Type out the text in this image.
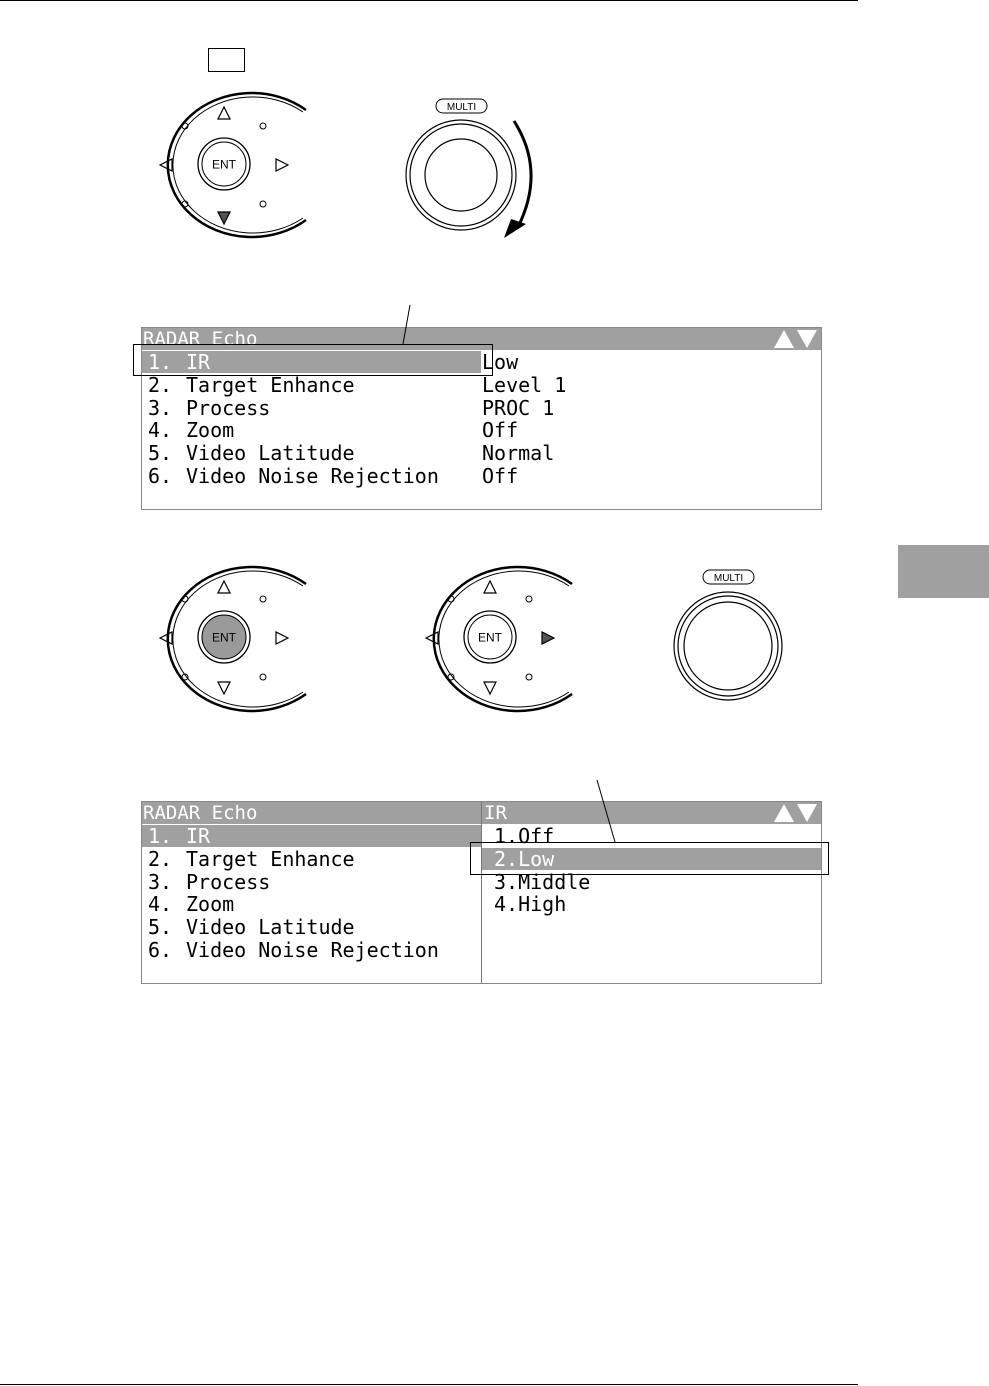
ENT
MULTI
RADAR Echo
1. IR	Low
2. Target Enhance	Level 1
3. Process	PROC 1
4. Zoom	Off
5. Video Latitude	Normal
6. Video Noise Rejection Off
ENT	ENT
MULTI
RADAR Echo	IR
1. IR
2. Target Enhance
3. Process
4. Zoom
5. Video Latitude
6. Video Noise Rejection
1.Off
2.Low
3.Middle
4.High
